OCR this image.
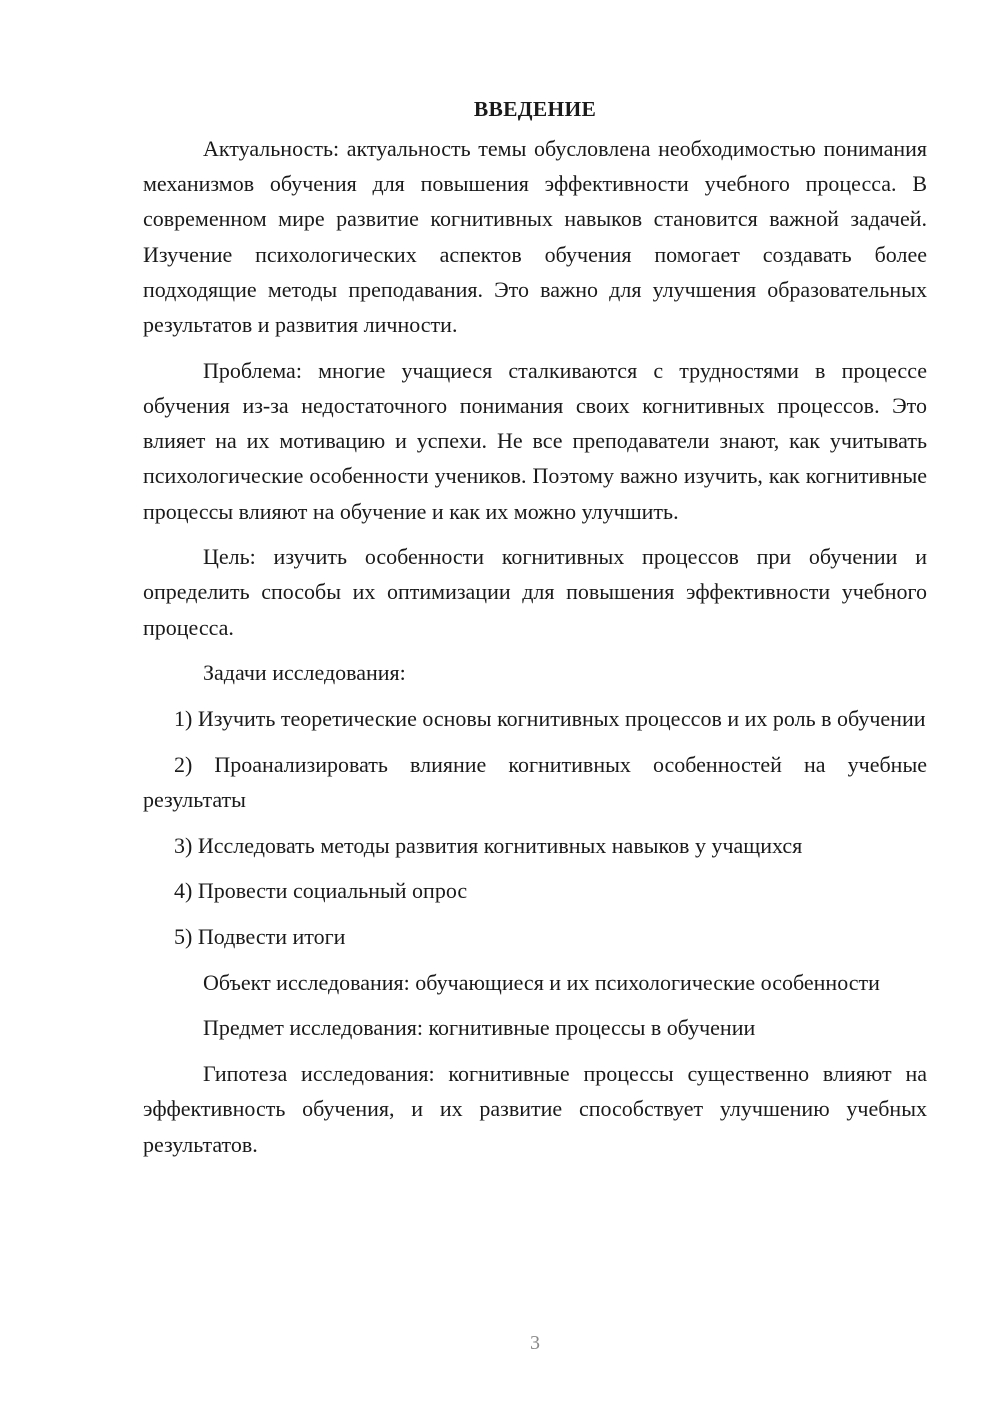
ВВЕДЕНИЕ

Актуальность: актуальность темы обусловлена необходимостью понимания механизмов обучения для повышения эффективности учебного процесса. В современном мире развитие когнитивных навыков становится важной задачей. Изучение психологических аспектов обучения помогает создавать более подходящие методы преподавания. Это важно для улучшения образовательных результатов и развития личности.

Проблема: многие учащиеся сталкиваются с трудностями в процессе обучения из-за недостаточного понимания своих когнитивных процессов. Это влияет на их мотивацию и успехи. Не все преподаватели знают, как учитывать психологические особенности учеников. Поэтому важно изучить, как когнитивные процессы влияют на обучение и как их можно улучшить.

Цель: изучить особенности когнитивных процессов при обучении и определить способы их оптимизации для повышения эффективности учебного процесса.

Задачи исследования:

1) Изучить теоретические основы когнитивных процессов и их роль в обучении

2) Проанализировать влияние когнитивных особенностей на учебные результаты

3) Исследовать методы развития когнитивных навыков у учащихся

4) Провести социальный опрос

5) Подвести итоги

Объект исследования: обучающиеся и их психологические особенности

Предмет исследования: когнитивные процессы в обучении

Гипотеза исследования: когнитивные процессы существенно влияют на эффективность обучения, и их развитие способствует улучшению учебных результатов.

3
